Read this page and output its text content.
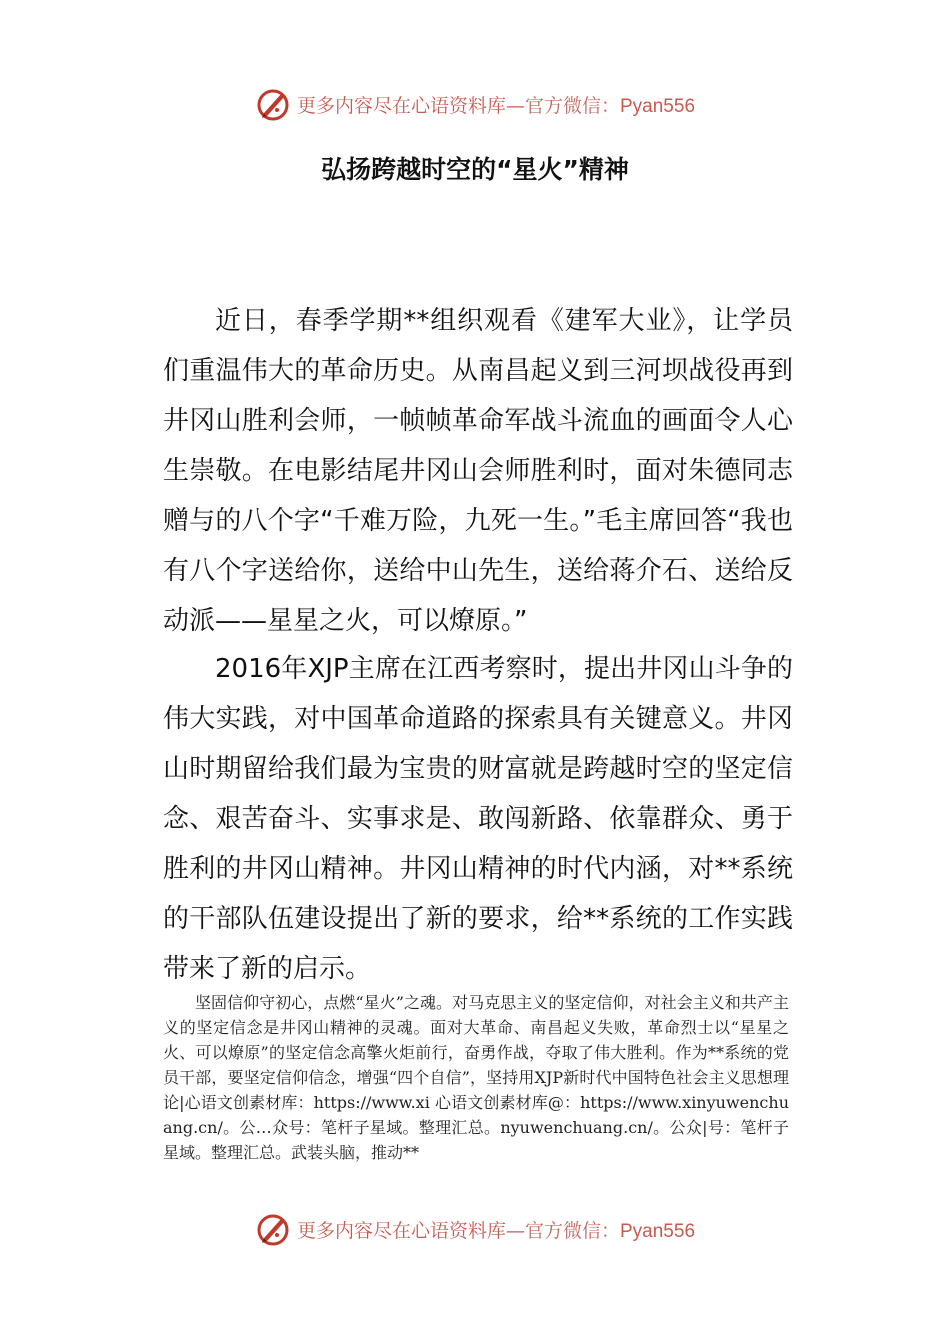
更多内容尽在心语资料库—官方微信：Pyan556
弘扬跨越时空的“星火”精神

近日，春季学期**组织观看《建军大业》，让学员们重温伟大的革命历史。从南昌起义到三河坝战役再到井冈山胜利会师，一帧帧革命军战斗流血的画面令人心生崇敬。在电影结尾井冈山会师胜利时，面对朱德同志赠与的八个字“千难万险，九死一生。”毛主席回答“我也有八个字送给你，送给中山先生，送给蒋介石、送给反动派——星星之火，可以燎原。”

2016年XJP主席在江西考察时，提出井冈山斗争的伟大实践，对中国革命道路的探索具有关键意义。井冈山时期留给我们最为宝贵的财富就是跨越时空的坚定信念、艰苦奋斗、实事求是、敢闯新路、依靠群众、勇于胜利的井冈山精神。井冈山精神的时代内涵，对**系统的干部队伍建设提出了新的要求，给**系统的工作实践带来了新的启示。

坚固信仰守初心，点燃“星火”之魂。对马克思主义的坚定信仰，对社会主义和共产主义的坚定信念是井冈山精神的灵魂。面对大革命、南昌起义失败，革命烈士以“星星之火、可以燎原”的坚定信念高擎火炬前行，奋勇作战，夺取了伟大胜利。作为**系统的党员干部，要坚定信仰信念，增强“四个自信”，坚持用XJP新时代中国特色社会主义思想理论|心语文创素材库：https://www.xi 心语文创素材库@：https://www.xinyuwenchuang.cn/。公…众号：笔杆子星域。整理汇总。nyuwenchuang.cn/。公众|号：笔杆子星域。整理汇总。武装头脑，推动**

更多内容尽在心语资料库—官方微信：Pyan556
